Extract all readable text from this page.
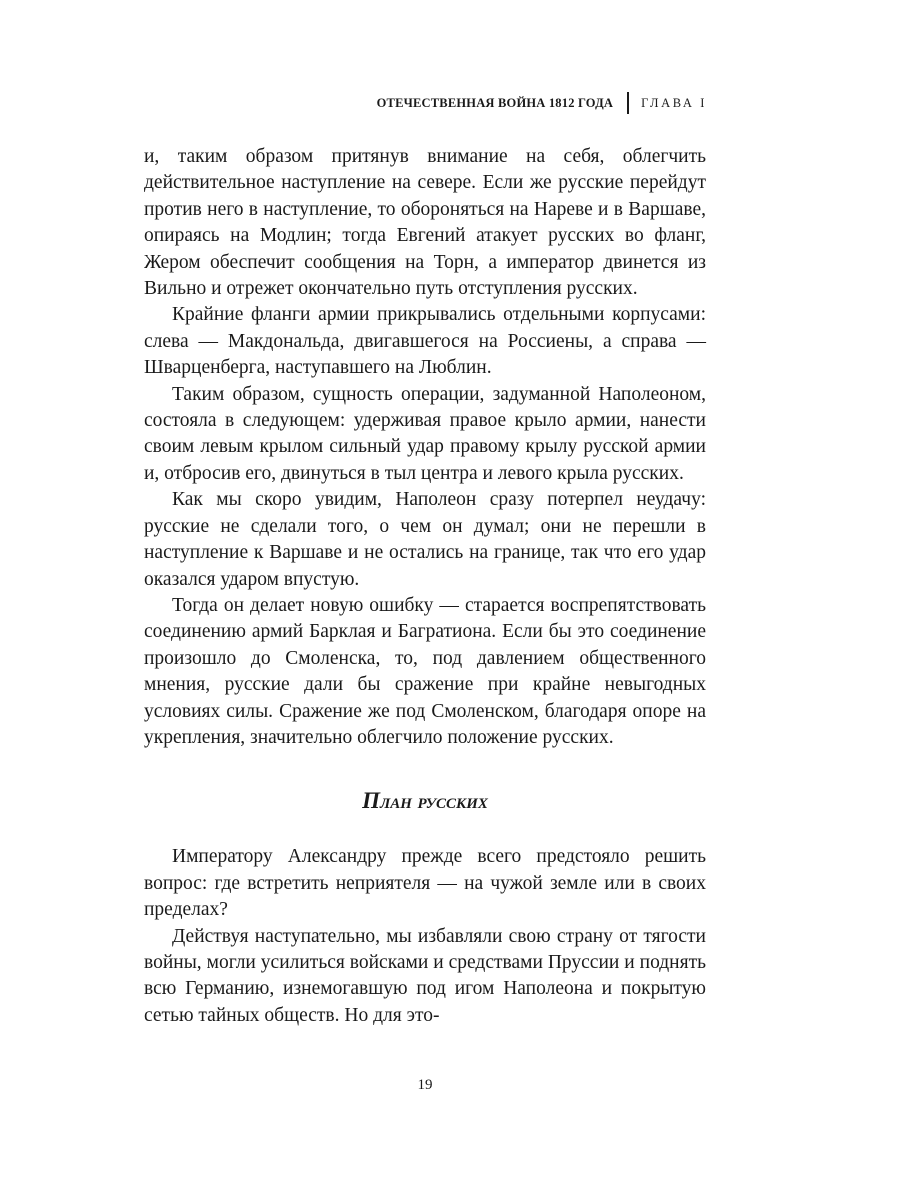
ОТЕЧЕСТВЕННАЯ ВОЙНА 1812 ГОДА ГЛАВА I

и, таким образом притянув внимание на себя, облегчить действительное наступление на севере. Если же русские перейдут против него в наступление, то обороняться на Нареве и в Варшаве, опираясь на Модлин; тогда Евгений атакует русских во фланг, Жером обеспечит сообщения на Торн, а император двинется из Вильно и отрежет окончательно путь отступления русских.

Крайние фланги армии прикрывались отдельными корпусами: слева — Макдональда, двигавшегося на Россиены, а справа — Шварценберга, наступавшего на Люблин.

Таким образом, сущность операции, задуманной Наполеоном, состояла в следующем: удерживая правое крыло армии, нанести своим левым крылом сильный удар правому крылу русской армии и, отбросив его, двинуться в тыл центра и левого крыла русских.

Как мы скоро увидим, Наполеон сразу потерпел неудачу: русские не сделали того, о чем он думал; они не перешли в наступление к Варшаве и не остались на границе, так что его удар оказался ударом впустую.

Тогда он делает новую ошибку — старается воспрепятствовать соединению армий Барклая и Багратиона. Если бы это соединение произошло до Смоленска, то, под давлением общественного мнения, русские дали бы сражение при крайне невыгодных условиях силы. Сражение же под Смоленском, благодаря опоре на укрепления, значительно облегчило положение русских.

План русских

Императору Александру прежде всего предстояло решить вопрос: где встретить неприятеля — на чужой земле или в своих пределах?

Действуя наступательно, мы избавляли свою страну от тягости войны, могли усилиться войсками и средствами Пруссии и поднять всю Германию, изнемогавшую под игом Наполеона и покрытую сетью тайных обществ. Но для это-

19
